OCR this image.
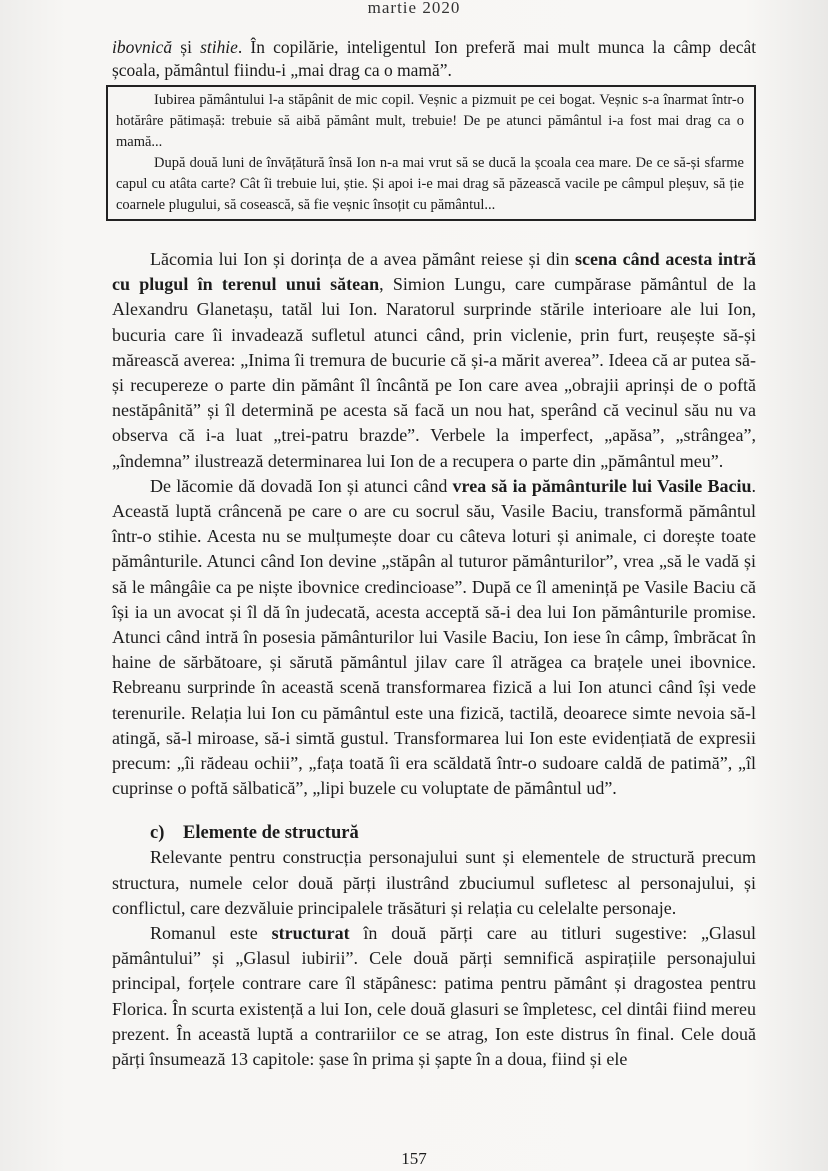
martie 2020
ibovnică și stihie. În copilărie, inteligentul Ion preferă mai mult munca la câmp decât școala, pământul fiindu-i „mai drag ca o mamă”.

Iubirea pământului l-a stăpânit de mic copil. Veșnic a pizmuit pe cei bogat. Veșnic s-a înarmat într-o hotărâre pătimașă: trebuie să aibă pământ mult, trebuie! De pe atunci pământul i-a fost mai drag ca o mamă...

După două luni de învățătură însă Ion n-a mai vrut să se ducă la școala cea mare. De ce să-și sfarme capul cu atâta carte? Cât îi trebuie lui, știe. Și apoi i-e mai drag să păzească vacile pe câmpul pleșuv, să ție coarnele plugului, să cosească, să fie veșnic însoțit cu pământul...

Lăcomia lui Ion și dorința de a avea pământ reiese și din scena când acesta intră cu plugul în terenul unui sătean, Simion Lungu, care cumpărase pământul de la Alexandru Glanetașu, tatăl lui Ion. Naratorul surprinde stările interioare ale lui Ion, bucuria care îi invadează sufletul atunci când, prin viclenie, prin furt, reușește să-și mărească averea: „Inima îi tremura de bucurie că și-a mărit averea”. Ideea că ar putea să-și recupereze o parte din pământ îl încântă pe Ion care avea „obrajii aprinși de o poftă nestăpânită” și îl determină pe acesta să facă un nou hat, sperând că vecinul său nu va observa că i-a luat „trei-patru brazde”. Verbele la imperfect, „apăsa”, „strângea”, „îndemna” ilustrează determinarea lui Ion de a recupera o parte din „pământul meu”.

De lăcomie dă dovadă Ion și atunci când vrea să ia pământurile lui Vasile Baciu. Această luptă crâncenă pe care o are cu socrul său, Vasile Baciu, transformă pământul într-o stihie. Acesta nu se mulțumește doar cu câteva loturi și animale, ci dorește toate pământurile. Atunci când Ion devine „stăpân al tuturor pământurilor”, vrea „să le vadă și să le mângâie ca pe niște ibovnice credincioase”. După ce îl amenință pe Vasile Baciu că își ia un avocat și îl dă în judecată, acesta acceptă să-i dea lui Ion pământurile promise. Atunci când intră în posesia pământurilor lui Vasile Baciu, Ion iese în câmp, îmbrăcat în haine de sărbătoare, și sărută pământul jilav care îl atrăgea ca brațele unei ibovnice. Rebreanu surprinde în această scenă transformarea fizică a lui Ion atunci când își vede terenurile. Relația lui Ion cu pământul este una fizică, tactilă, deoarece simte nevoia să-l atingă, să-l miroase, să-i simtă gustul. Transformarea lui Ion este evidențiată de expresii precum: „îi rădeau ochii”, „fața toată îi era scăldată într-o sudoare caldă de patimă”, „îl cuprinse o poftă sălbatică”, „lipi buzele cu voluptate de pământul ud”.

c) Elemente de structură

Relevante pentru construcția personajului sunt și elementele de structură precum structura, numele celor două părți ilustrând zbuciumul sufletesc al personajului, și conflictul, care dezvăluie principalele trăsături și relația cu celelalte personaje.

Romanul este structurat în două părți care au titluri sugestive: „Glasul pământului” și „Glasul iubirii”. Cele două părți semnifică aspirațiile personajului principal, forțele contrare care îl stăpânesc: patima pentru pământ și dragostea pentru Florica. În scurta existență a lui Ion, cele două glasuri se împletesc, cel dintâi fiind mereu prezent. În această luptă a contrariilor ce se atrag, Ion este distrus în final. Cele două părți însumează 13 capitole: șase în prima și șapte în a doua, fiind și ele

157
